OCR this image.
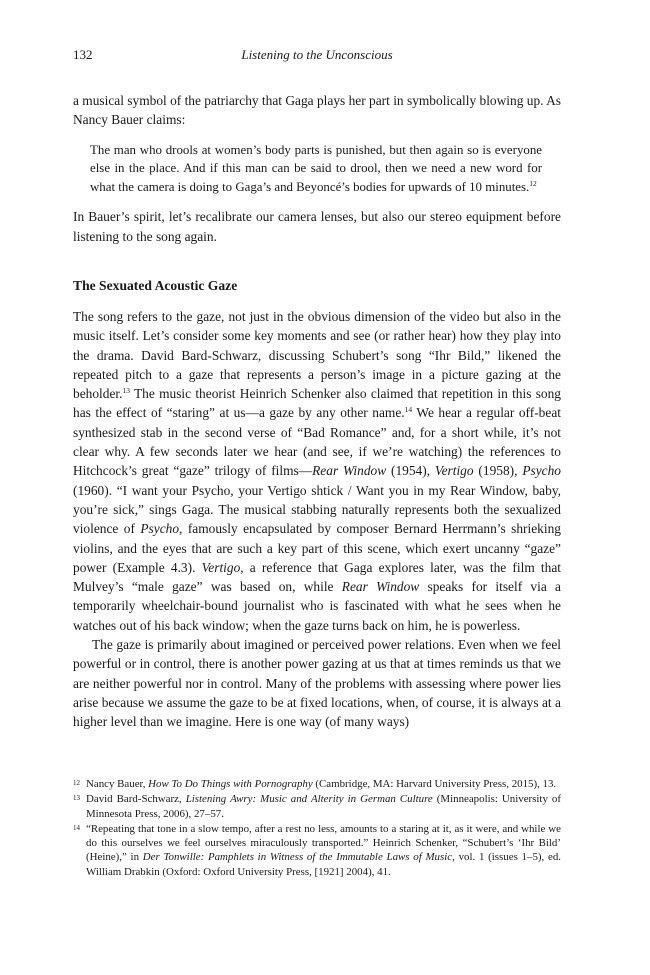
132	Listening to the Unconscious

a musical symbol of the patriarchy that Gaga plays her part in symbolically blowing up. As Nancy Bauer claims:

The man who drools at women’s body parts is punished, but then again so is everyone else in the place. And if this man can be said to drool, then we need a new word for what the camera is doing to Gaga’s and Beyoncé’s bodies for upwards of 10 minutes.$^{12}$

In Bauer’s spirit, let’s recalibrate our camera lenses, but also our stereo equipment before listening to the song again.

The Sexuated Acoustic Gaze

The song refers to the gaze, not just in the obvious dimension of the video but also in the music itself. Let’s consider some key moments and see (or rather hear) how they play into the drama. David Bard-Schwarz, discussing Schubert’s song “Ihr Bild,” likened the repeated pitch to a gaze that represents a person’s image in a picture gazing at the beholder.$^{13}$ The music theorist Heinrich Schenker also claimed that repetition in this song has the effect of “staring” at us—a gaze by any other name.$^{14}$ We hear a regular off-beat synthesized stab in the second verse of “Bad Romance” and, for a short while, it’s not clear why. A few seconds later we hear (and see, if we’re watching) the references to Hitchcock’s great “gaze” trilogy of films—Rear Window (1954), Vertigo (1958), Psycho (1960). “I want your Psycho, your Vertigo shtick / Want you in my Rear Window, baby, you’re sick,” sings Gaga. The musical stabbing naturally represents both the sexualized violence of Psycho, famously encapsulated by composer Bernard Herrmann’s shrieking violins, and the eyes that are such a key part of this scene, which exert uncanny “gaze” power (Example 4.3). Vertigo, a reference that Gaga explores later, was the film that Mulvey’s “male gaze” was based on, while Rear Window speaks for itself via a temporarily wheelchair-bound journalist who is fascinated with what he sees when he watches out of his back window; when the gaze turns back on him, he is powerless.

The gaze is primarily about imagined or perceived power relations. Even when we feel powerful or in control, there is another power gazing at us that at times reminds us that we are neither powerful nor in control. Many of the problems with assessing where power lies arise because we assume the gaze to be at fixed locations, when, of course, it is always at a higher level than we imagine. Here is one way (of many ways)

12 Nancy Bauer, How To Do Things with Pornography (Cambridge, MA: Harvard University Press, 2015), 13.
13 David Bard-Schwarz, Listening Awry: Music and Alterity in German Culture (Minneapolis: University of Minnesota Press, 2006), 27–57.
14 “Repeating that tone in a slow tempo, after a rest no less, amounts to a staring at it, as it were, and while we do this ourselves we feel ourselves miraculously transported.” Heinrich Schenker, “Schubert’s ‘Ihr Bild’ (Heine),” in Der Tonwille: Pamphlets in Witness of the Immutable Laws of Music, vol. 1 (issues 1–5), ed. William Drabkin (Oxford: Oxford University Press, [1921] 2004), 41.
